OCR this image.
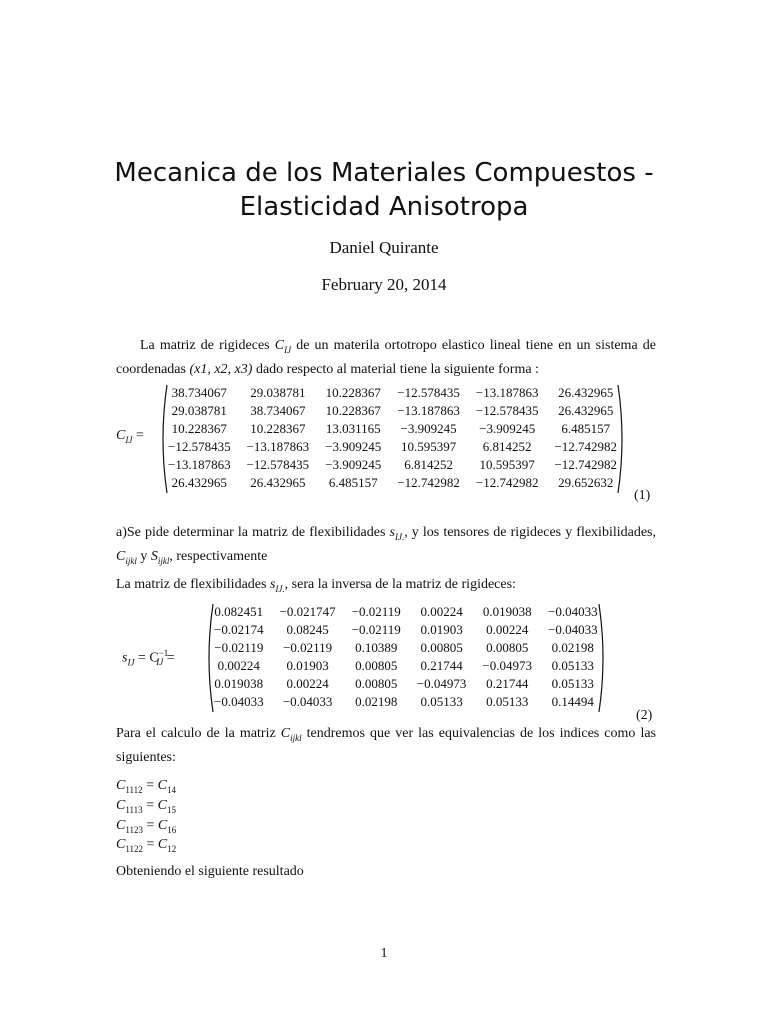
Mecanica de los Materiales Compuestos -
Elasticidad Anisotropa
Daniel Quirante
February 20, 2014
La matriz de rigideces $C_{IJ}$ de un materila ortotropo elastico lineal tiene en un sistema de coordenadas (x1, x2, x3) dado respecto al material tiene la siguiente forma :
$C_{IJ}$ =
38.734067	29.038781	10.228367	−12.578435	−13.187863	26.432965
29.038781	38.734067	10.228367	−13.187863	−12.578435	26.432965
10.228367	10.228367	13.031165	−3.909245	−3.909245	6.485157
−12.578435	−13.187863	−3.909245	10.595397	6.814252	−12.742982
−13.187863	−12.578435	−3.909245	6.814252	10.595397	−12.742982
26.432965	26.432965	6.485157	−12.742982	−12.742982	29.652632
(1)
a)Se pide determinar la matriz de flexibilidades $s_{IJ.}$, y los tensores de rigideces y flexibilidades, $C_{ijkl}$ y $S_{ijkl}$, respectivamente
La matriz de flexibilidades $s_{IJ.}$, sera la inversa de la matriz de rigideces:
$s_{IJ} = C^{-1}_{IJ}$ =
0.082451	−0.021747	−0.02119	0.00224	0.019038	−0.04033
−0.02174	0.08245	−0.02119	0.01903	0.00224	−0.04033
−0.02119	−0.02119	0.10389	0.00805	0.00805	0.02198
0.00224	0.01903	0.00805	0.21744	−0.04973	0.05133
0.019038	0.00224	0.00805	−0.04973	0.21744	0.05133
−0.04033	−0.04033	0.02198	0.05133	0.05133	0.14494
(2)
Para el calculo de la matriz $C_{ijkl}$ tendremos que ver las equivalencias de los indices como las siguientes:
$C_{1112} = C_{14}$
$C_{1113} = C_{15}$
$C_{1123} = C_{16}$
$C_{1122} = C_{12}$
Obteniendo el siguiente resultado
1
